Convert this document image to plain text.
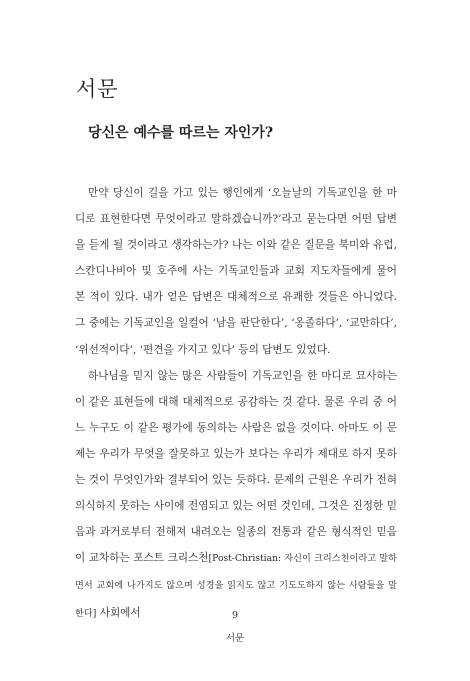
서문
당신은 예수를 따르는 자인가?

만약 당신이 길을 가고 있는 행인에게 ‘오늘날의 기독교인을 한 마디로 표현한다면 무엇이라고 말하겠습니까?’라고 묻는다면 어떤 답변을 듣게 될 것이라고 생각하는가? 나는 이와 같은 질문을 북미와 유럽, 스칸디나비아 및 호주에 사는 기독교인들과 교회 지도자들에게 물어 본 적이 있다. 내가 얻은 답변은 대체적으로 유쾌한 것들은 아니었다. 그 중에는 기독교인을 일컬어 ‘남을 판단한다’, ‘옹졸하다’, ‘교만하다’, ‘위선적이다’, ‘편견을 가지고 있다’ 등의 답변도 있었다.

하나님을 믿지 않는 많은 사람들이 기독교인을 한 마디로 묘사하는 이 같은 표현들에 대해 대체적으로 공감하는 것 같다. 물론 우리 중 어느 누구도 이 같은 평가에 동의하는 사람은 없을 것이다. 아마도 이 문제는 우리가 무엇을 잘못하고 있는가 보다는 우리가 제대로 하지 못하는 것이 무엇인가와 결부되어 있는 듯하다. 문제의 근원은 우리가 전혀 의식하지 못하는 사이에 전염되고 있는 어떤 것인데, 그것은 진정한 믿음과 과거로부터 전해져 내려오는 일종의 전통과 같은 형식적인 믿음이 교차하는 포스트 크리스천[Post-Christian: 자신이 크리스천이라고 말하면서 교회에 나가지도 않으며 성경을 읽지도 않고 기도도하지 않는 사람들을 말한다] 사회에서	9
서문
